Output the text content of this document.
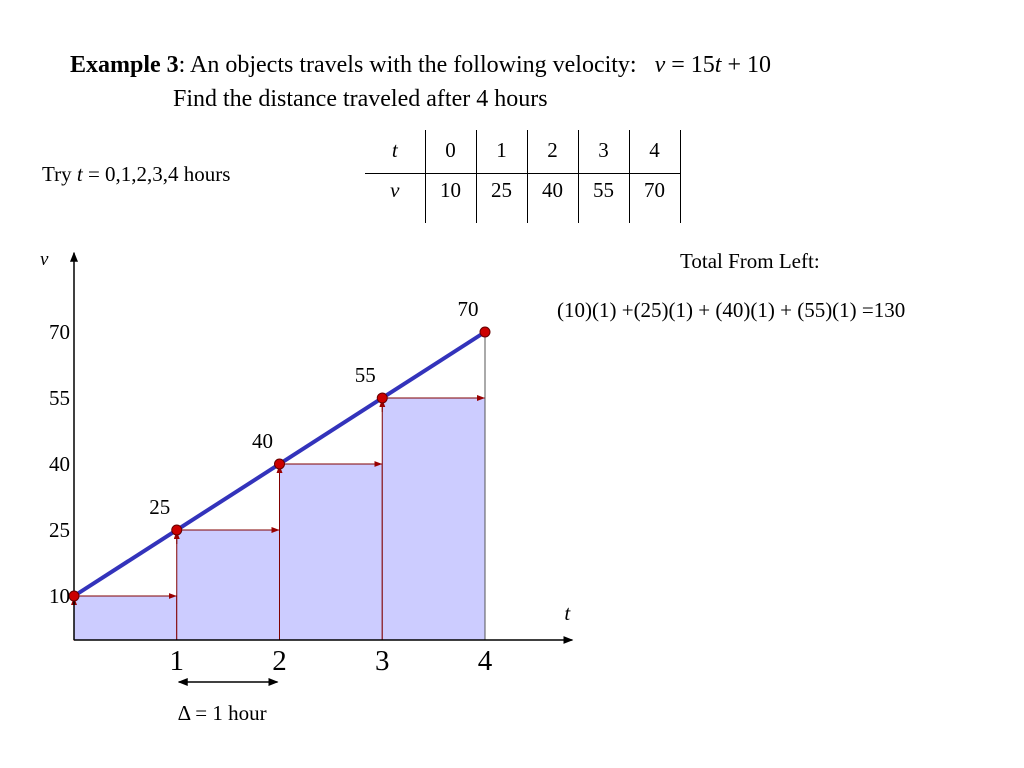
Example 3: An objects travels with the following velocity: v = 15t + 10
Find the distance traveled after 4 hours
Try t = 0,1,2,3,4 hours
t	0	1	2	3	4
v	10	25	40	55	70
Total From Left:
(10)(1) +(25)(1) + (40)(1) + (55)(1) =130
t
v
1	2	3	4
10
25
40
55
70
25
40
55
70
Δ = 1 hour
